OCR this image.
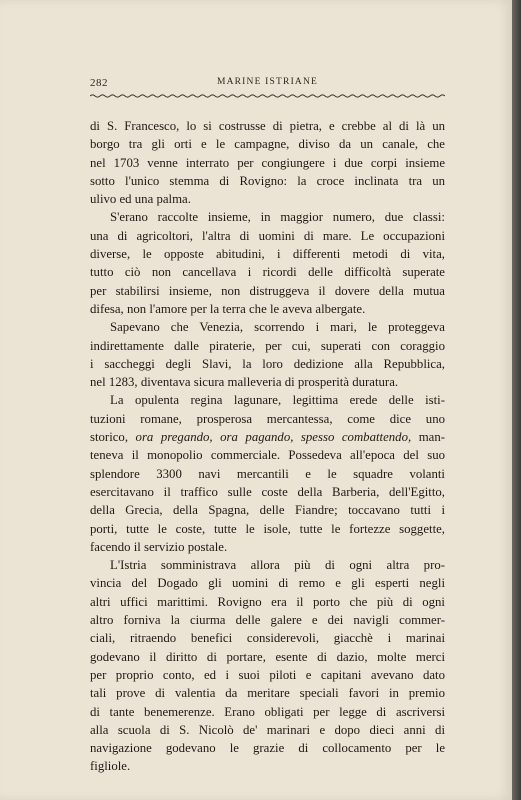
282	MARINE ISTRIANE
di S. Francesco, lo si costrusse di pietra, e crebbe al di là un
borgo tra gli orti e le campagne, diviso da un canale, che
nel 1703 venne interrato per congiungere i due corpi insieme
sotto l'unico stemma di Rovigno: la croce inclinata tra un
ulivo ed una palma.
S'erano raccolte insieme, in maggior numero, due classi:
una di agricoltori, l'altra di uomini di mare. Le occupazioni
diverse, le opposte abitudini, i differenti metodi di vita,
tutto ciò non cancellava i ricordi delle difficoltà superate
per stabilirsi insieme, non distruggeva il dovere della mutua
difesa, non l'amore per la terra che le aveva albergate.
Sapevano che Venezia, scorrendo i mari, le proteggeva
indirettamente dalle piraterie, per cui, superati con coraggio
i saccheggi degli Slavi, la loro dedizione alla Repubblica,
nel 1283, diventava sicura malleveria di prosperità duratura.
La opulenta regina lagunare, legittima erede delle isti-
tuzioni romane, prosperosa mercantessa, come dice uno
storico, ora pregando, ora pagando, spesso combattendo, man-
teneva il monopolio commerciale. Possedeva all'epoca del suo
splendore 3300 navi mercantili e le squadre volanti
esercitavano il traffico sulle coste della Barberia, dell'Egitto,
della Grecia, della Spagna, delle Fiandre; toccavano tutti i
porti, tutte le coste, tutte le isole, tutte le fortezze soggette,
facendo il servizio postale.
L'Istria somministrava allora più di ogni altra pro-
vincia del Dogado gli uomini di remo e gli esperti negli
altri uffici marittimi. Rovigno era il porto che più di ogni
altro forniva la ciurma delle galere e dei navigli commer-
ciali, ritraendo benefici considerevoli, giacchè i marinai
godevano il diritto di portare, esente di dazio, molte merci
per proprio conto, ed i suoi piloti e capitani avevano dato
tali prove di valentia da meritare speciali favori in premio
di tante benemerenze. Erano obligati per legge di ascriversi
alla scuola di S. Nicolò de' marinari e dopo dieci anni di
navigazione godevano le grazie di collocamento per le
figliole.
